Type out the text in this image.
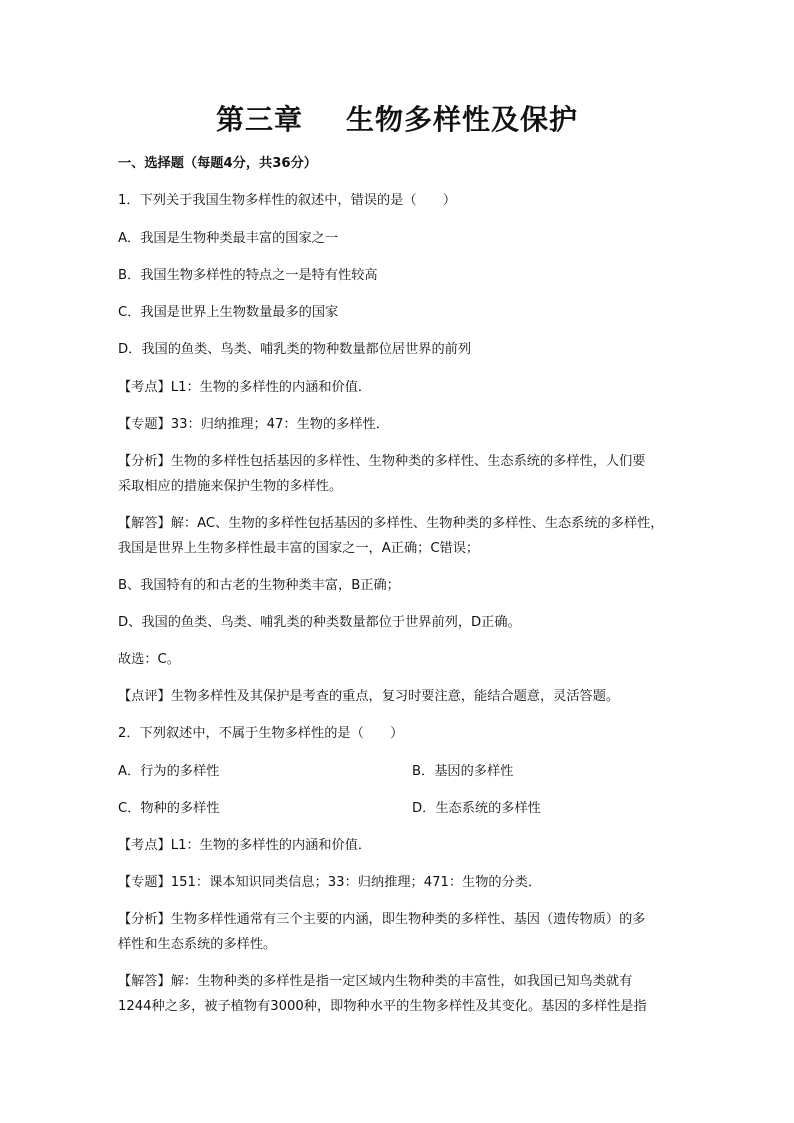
第三章    生物多样性及保护
一、选择题（每题4分，共36分）
1．下列关于我国生物多样性的叙述中，错误的是（　　）
A．我国是生物种类最丰富的国家之一
B．我国生物多样性的特点之一是特有性较高
C．我国是世界上生物数量最多的国家
D．我国的鱼类、鸟类、哺乳类的物种数量都位居世界的前列
【考点】L1：生物的多样性的内涵和价值．
【专题】33：归纳推理；47：生物的多样性．
【分析】生物的多样性包括基因的多样性、生物种类的多样性、生态系统的多样性，人们要
采取相应的措施来保护生物的多样性。
【解答】解：AC、生物的多样性包括基因的多样性、生物种类的多样性、生态系统的多样性，
我国是世界上生物多样性最丰富的国家之一，A正确；C错误；
B、我国特有的和古老的生物种类丰富，B正确；
D、我国的鱼类、鸟类、哺乳类的种类数量都位于世界前列，D正确。
故选：C。
【点评】生物多样性及其保护是考查的重点，复习时要注意，能结合题意，灵活答题。
2．下列叙述中，不属于生物多样性的是（　　）
A．行为的多样性	B．基因的多样性
C．物种的多样性	D．生态系统的多样性
【考点】L1：生物的多样性的内涵和价值．
【专题】151：课本知识同类信息；33：归纳推理；471：生物的分类．
【分析】生物多样性通常有三个主要的内涵，即生物种类的多样性、基因（遗传物质）的多
样性和生态系统的多样性。
【解答】解：生物种类的多样性是指一定区域内生物种类的丰富性，如我国已知鸟类就有
1244种之多，被子植物有3000种，即物种水平的生物多样性及其变化。基因的多样性是指
